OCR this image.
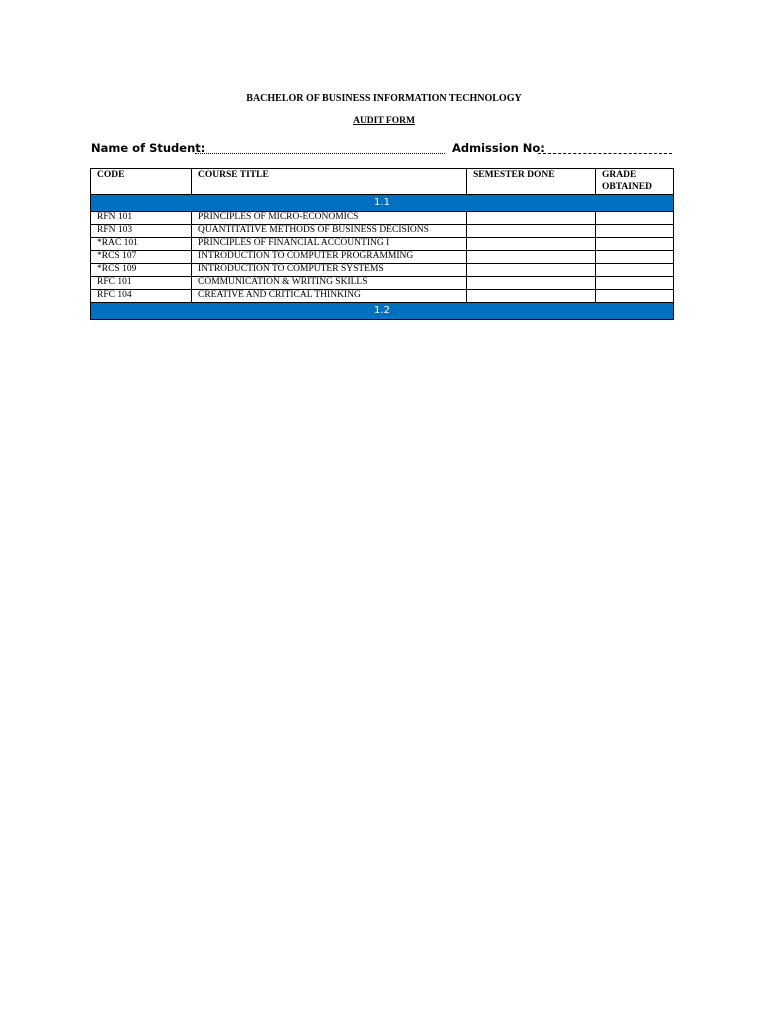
BACHELOR OF BUSINESS INFORMATION TECHNOLOGY
AUDIT FORM
Name of Student:	Admission No:
CODE	COURSE TITLE	SEMESTER DONE	GRADE OBTAINED
1.1			
RFN 101	PRINCIPLES OF MICRO-ECONOMICS		
RFN 103	QUANTITATIVE METHODS OF BUSINESS DECISIONS		
*RAC 101	PRINCIPLES OF FINANCIAL ACCOUNTING I		
*RCS 107	INTRODUCTION TO COMPUTER PROGRAMMING		
*RCS 109	INTRODUCTION TO COMPUTER SYSTEMS		
RFC 101	COMMUNICATION & WRITING SKILLS		
RFC 104	CREATIVE AND CRITICAL THINKING		
1.2			
